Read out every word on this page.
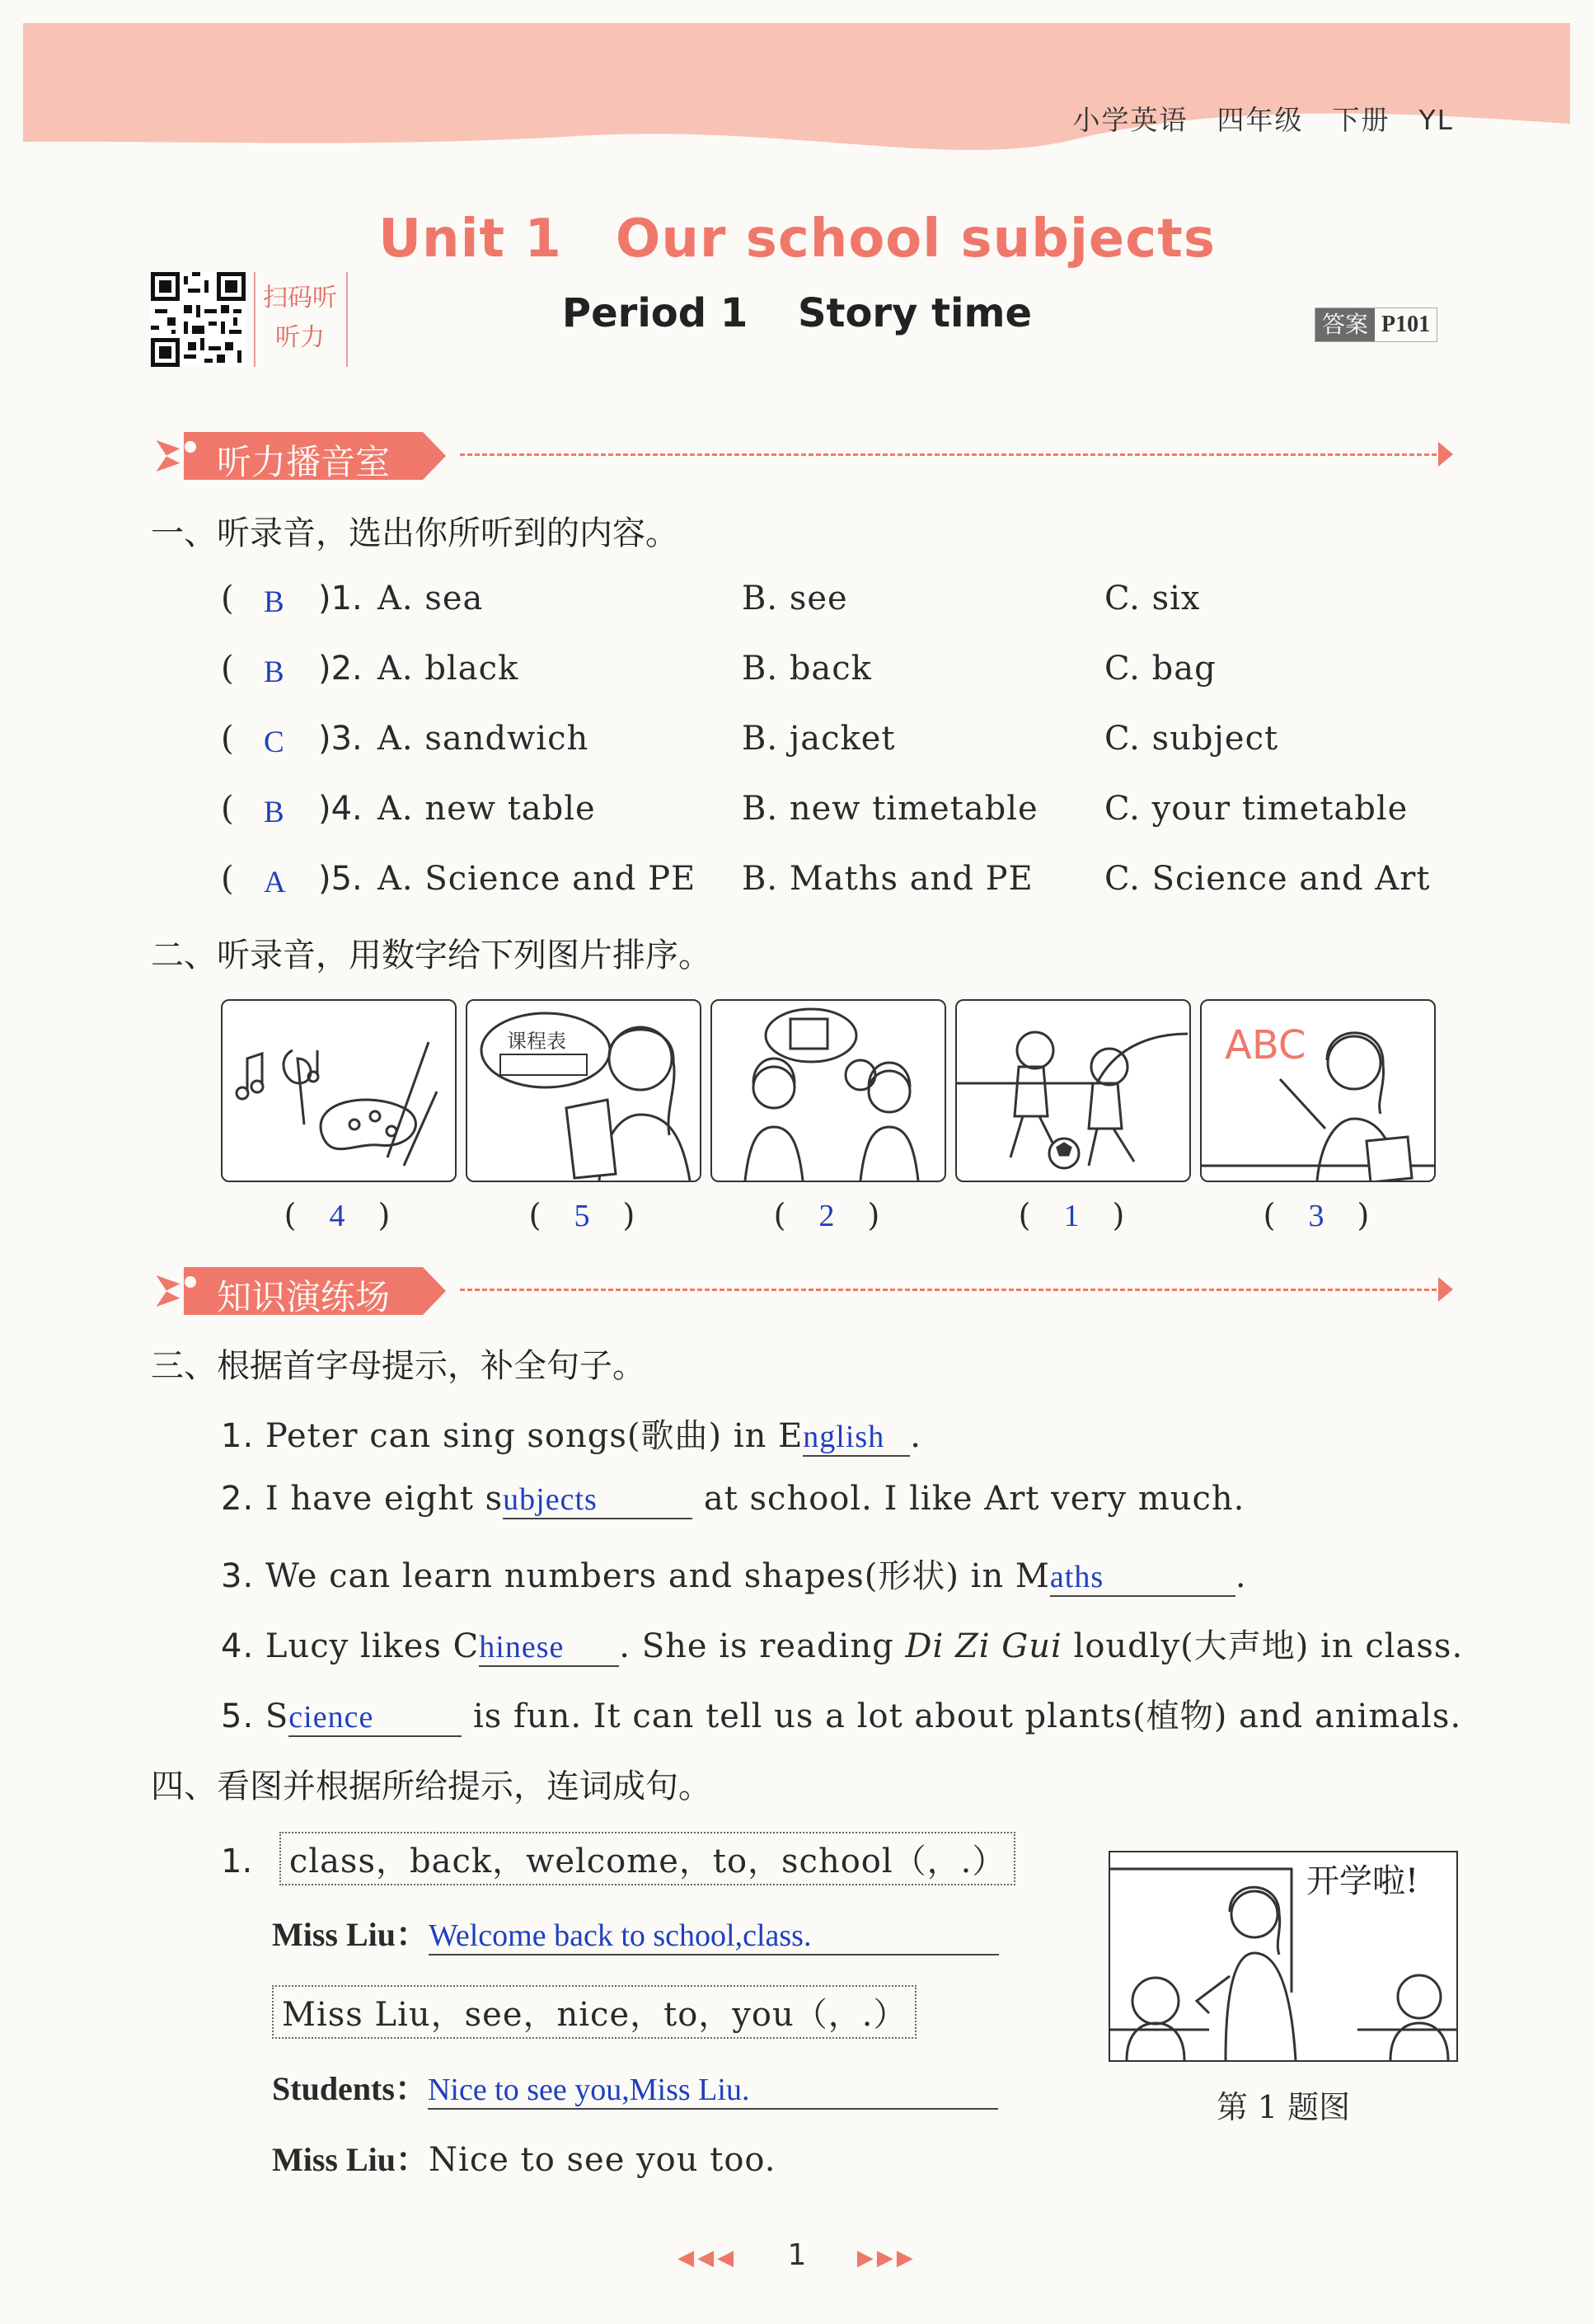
小学英语　四年级　下册　YL
Unit 1　Our school subjects
Period 1 Story time
扫码听听力	答案 P101
听力播音室
一、听录音，选出你所听到的内容。
( B )1. A. sea	B. see	C. six
( B )2. A. black	B. back	C. bag
( C )3. A. sandwich	B. jacket	C. subject
( B )4. A. new table	B. new timetable C. your timetable
( A )5. A. Science and PE B. Maths and PE C. Science and Art
二、听录音，用数字给下列图片排序。
课程表	ABC
( 4 )	( 5 )	( 2 )	( 1 )	( 3 )
知识演练场
三、根据首字母提示，补全句子。
1. Peter can sing songs(歌曲) in English .
2. I have eight subjects	at school. I like Art very much.
3. We can learn numbers and shapes(形状) in Maths	.
4. Lucy likes Chinese . She is reading Di Zi Gui loudly(大声地) in class.
5. Science	is fun. It can tell us a lot about plants(植物) and animals.
四、看图并根据所给提示，连词成句。
1. class，back，welcome，to，school（，.）
Miss Liu：Welcome back to school,class.
Miss Liu，see，nice，to，you（，.）
Students：Nice to see you,Miss Liu.
Miss Liu：Nice to see you too.
开学啦!
第 1 题图
◀◀◀ 1 ▶▶▶
